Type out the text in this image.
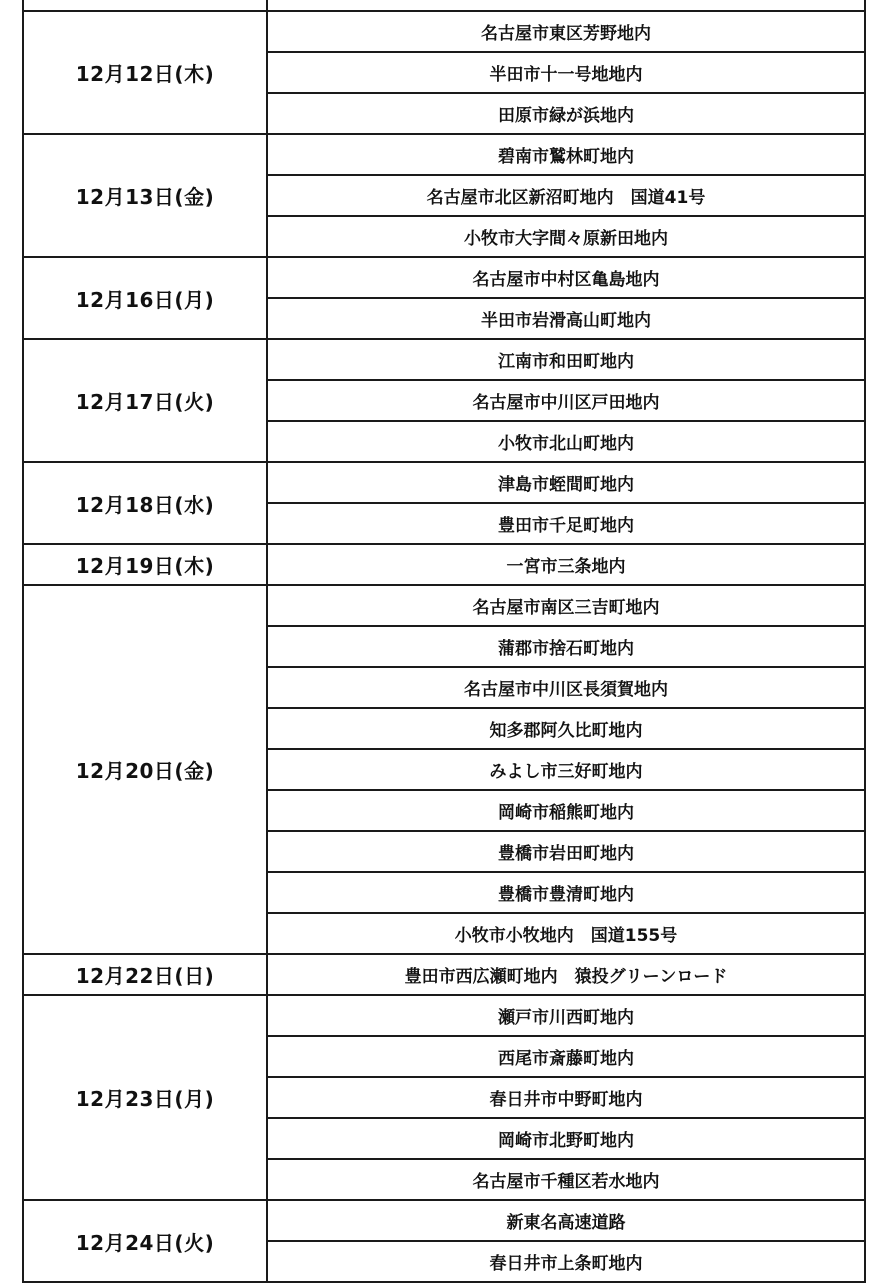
12月12日(木)	名古屋市東区芳野地内
	半田市十一号地地内
	田原市緑が浜地内
12月13日(金)	碧南市鷲林町地内
	名古屋市北区新沼町地内　国道41号
	小牧市大字間々原新田地内
12月16日(月)	名古屋市中村区亀島地内
	半田市岩滑高山町地内
12月17日(火)	江南市和田町地内
	名古屋市中川区戸田地内
	小牧市北山町地内
12月18日(水)	津島市蛭間町地内
	豊田市千足町地内
12月19日(木)	一宮市三条地内
12月20日(金)	名古屋市南区三吉町地内
	蒲郡市捨石町地内
	名古屋市中川区長須賀地内
	知多郡阿久比町地内
	みよし市三好町地内
	岡崎市稲熊町地内
	豊橋市岩田町地内
	豊橋市豊清町地内
	小牧市小牧地内　国道155号
12月22日(日)	豊田市西広瀬町地内　猿投グリーンロード
12月23日(月)	瀬戸市川西町地内
	西尾市斎藤町地内
	春日井市中野町地内
	岡崎市北野町地内
	名古屋市千種区若水地内
12月24日(火)	新東名高速道路
	春日井市上条町地内
